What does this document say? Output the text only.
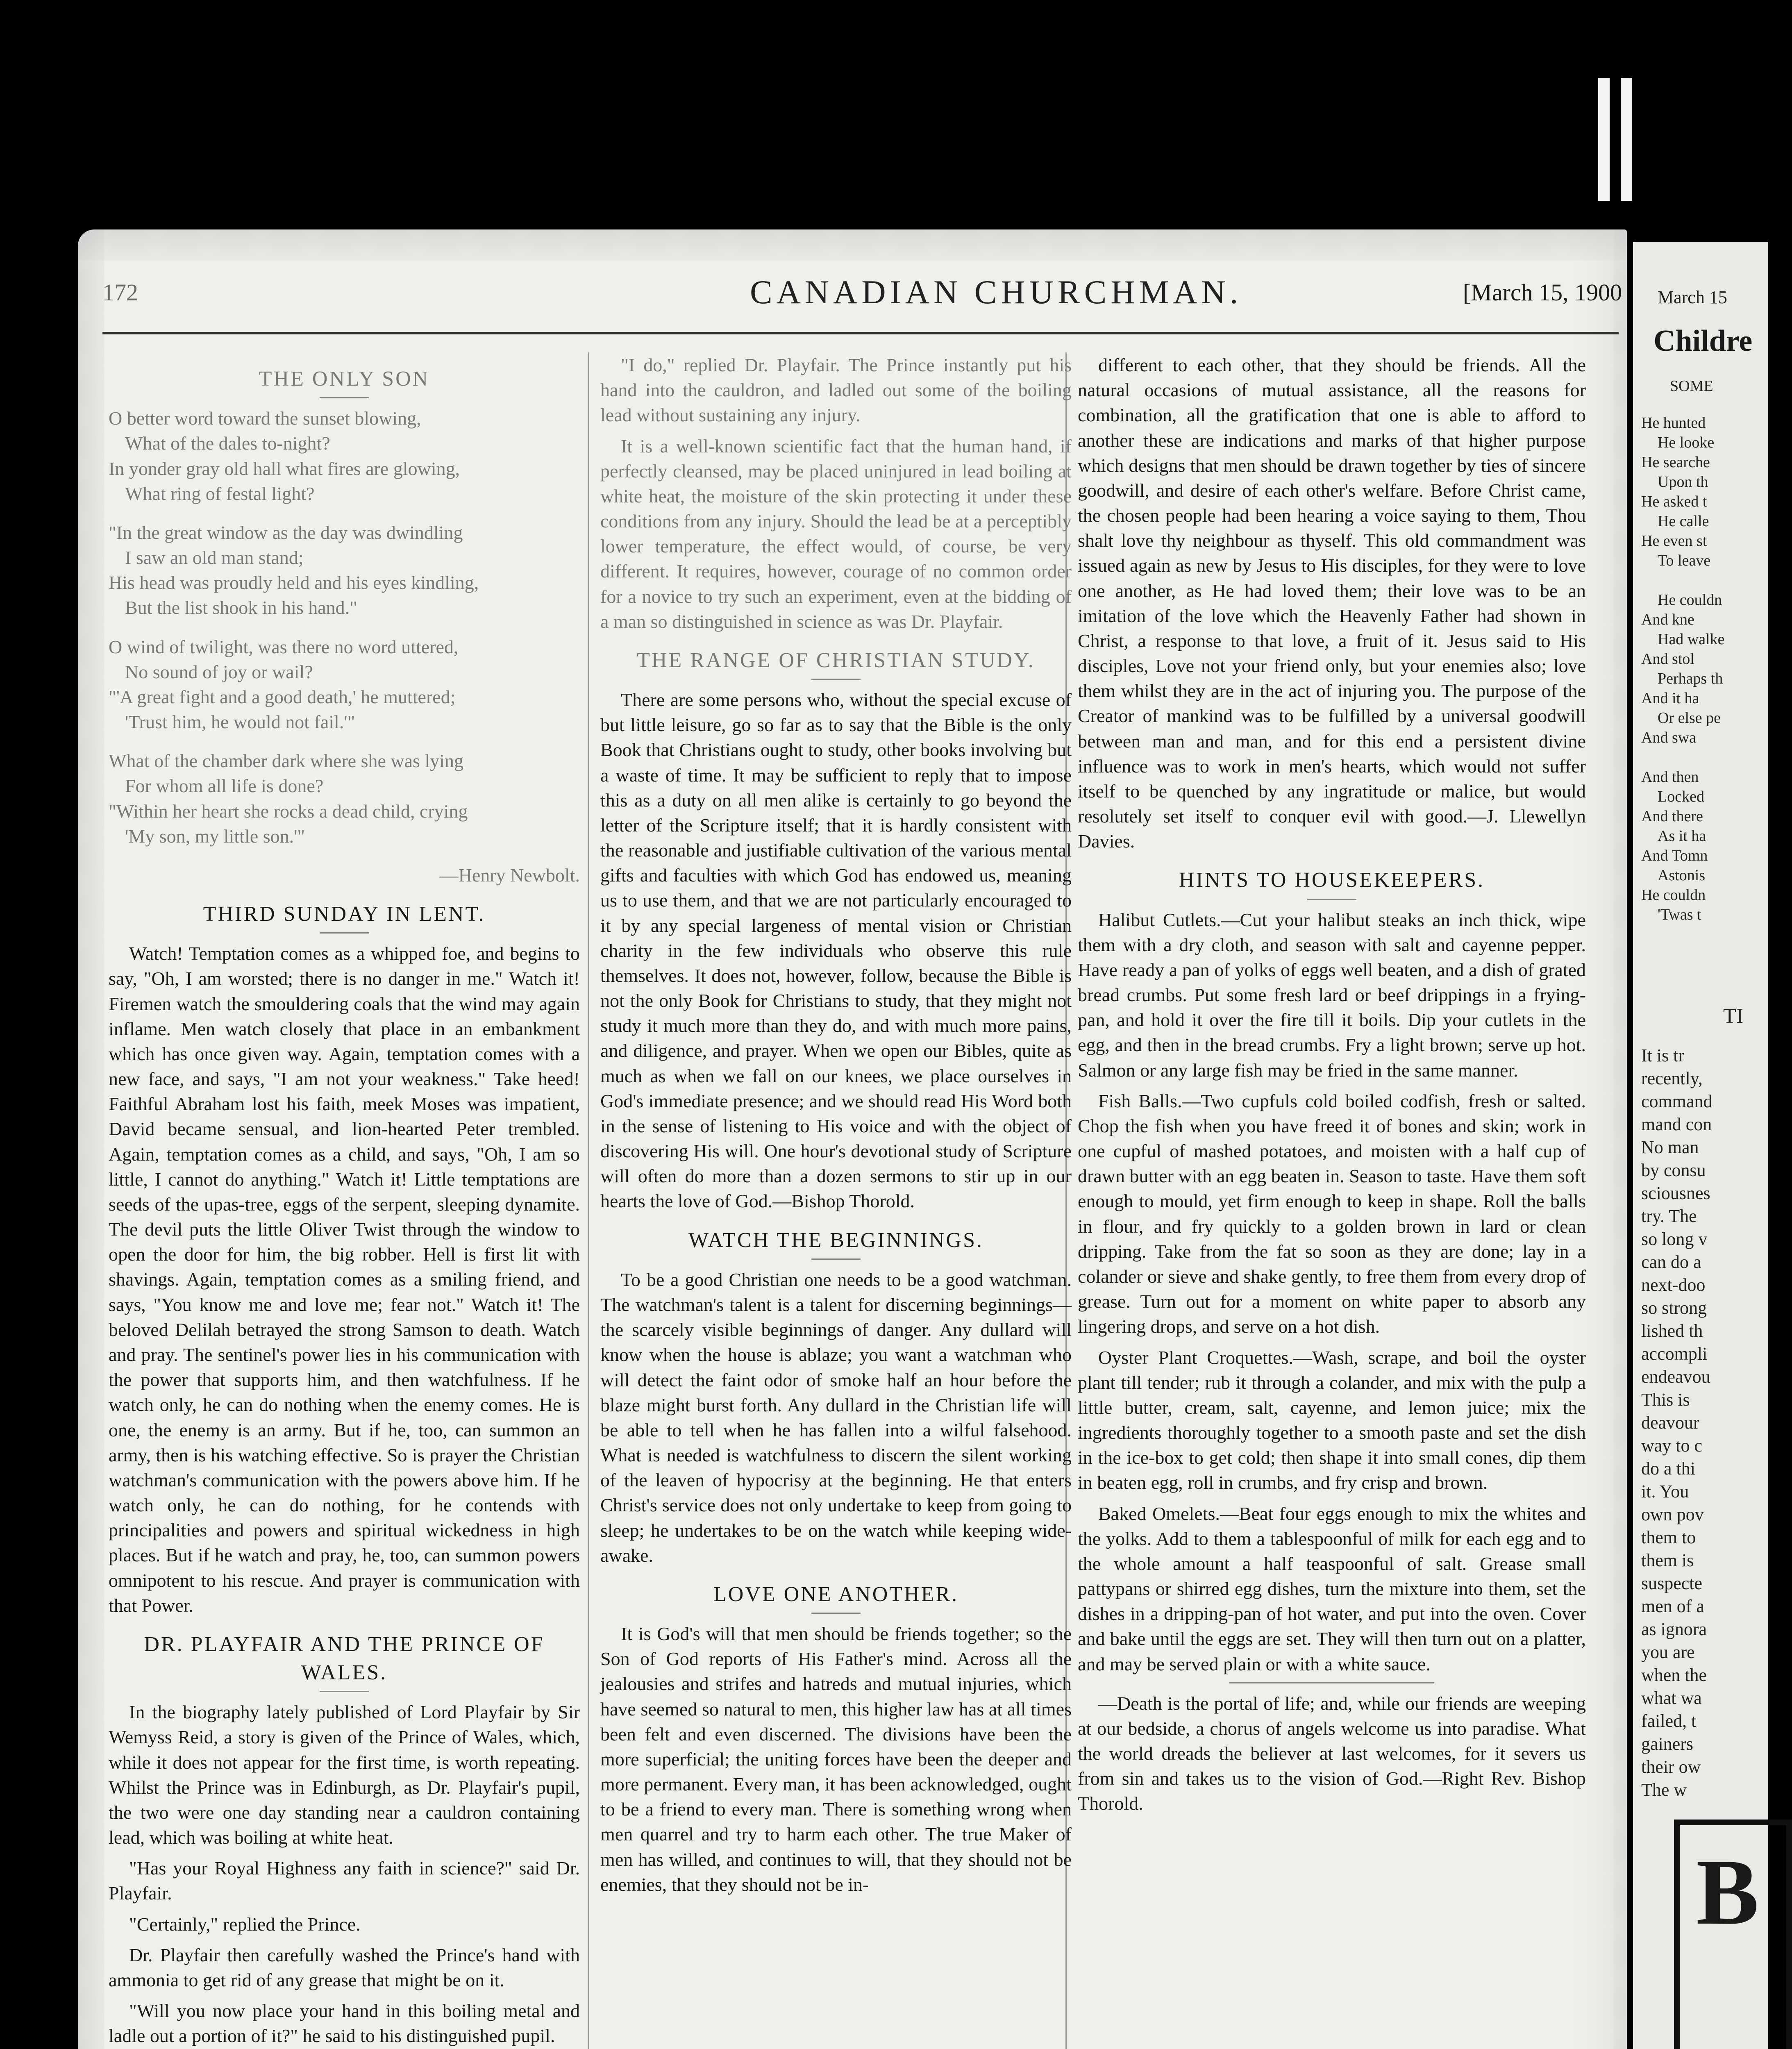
172	CANADIAN CHURCHMAN.	[March 15, 1900
THE ONLY SON
O better word toward the sunset blowing,
What of the dales to-night?
In yonder gray old hall what fires are glowing,
What ring of festal light?
"In the great window as the day was dwindling
I saw an old man stand;
His head was proudly held and his eyes kindling,
But the list shook in his hand."
O wind of twilight, was there no word uttered,
No sound of joy or wail?
"'A great fight and a good death,' he muttered;
'Trust him, he would not fail.'"
What of the chamber dark where she was lying
For whom all life is done?
"Within her heart she rocks a dead child, crying
'My son, my little son.'"
—Henry Newbolt.
THIRD SUNDAY IN LENT.

Watch! Temptation comes as a whipped foe, and begins to say, "Oh, I am worsted; there is no danger in me." Watch it! Firemen watch the smouldering coals that the wind may again inflame. Men watch closely that place in an embankment which has once given way. Again, temptation comes with a new face, and says, "I am not your weakness." Take heed! Faithful Abraham lost his faith, meek Moses was impatient, David became sensual, and lion-hearted Peter trembled. Again, temptation comes as a child, and says, "Oh, I am so little, I cannot do anything." Watch it! Little temptations are seeds of the upas-tree, eggs of the serpent, sleeping dynamite. The devil puts the little Oliver Twist through the window to open the door for him, the big robber. Hell is first lit with shavings. Again, temptation comes as a smiling friend, and says, "You know me and love me; fear not." Watch it! The beloved Delilah betrayed the strong Samson to death. Watch and pray. The sentinel's power lies in his communication with the power that supports him, and then watchfulness. If he watch only, he can do nothing when the enemy comes. He is one, the enemy is an army. But if he, too, can summon an army, then is his watching effective. So is prayer the Christian watchman's communication with the powers above him. If he watch only, he can do nothing, for he contends with principalities and powers and spiritual wickedness in high places. But if he watch and pray, he, too, can summon powers omnipotent to his rescue. And prayer is communication with that Power.

DR. PLAYFAIR AND THE PRINCE OF WALES.

In the biography lately published of Lord Playfair by Sir Wemyss Reid, a story is given of the Prince of Wales, which, while it does not appear for the first time, is worth repeating. Whilst the Prince was in Edinburgh, as Dr. Playfair's pupil, the two were one day standing near a cauldron containing lead, which was boiling at white heat.

"Has your Royal Highness any faith in science?" said Dr. Playfair.

"Certainly," replied the Prince.

Dr. Playfair then carefully washed the Prince's hand with ammonia to get rid of any grease that might be on it.

"Will you now place your hand in this boiling metal and ladle out a portion of it?" he said to his distinguished pupil.

"I do," replied Dr. Playfair. The Prince instantly put his hand into the cauldron, and ladled out some of the boiling lead without sustaining any injury.

It is a well-known scientific fact that the human hand, if perfectly cleansed, may be placed uninjured in lead boiling at white heat, the moisture of the skin protecting it under these conditions from any injury. Should the lead be at a perceptibly lower temperature, the effect would, of course, be very different. It requires, however, courage of no common order for a novice to try such an experiment, even at the bidding of a man so distinguished in science as was Dr. Playfair.

THE RANGE OF CHRISTIAN STUDY.

There are some persons who, without the special excuse of but little leisure, go so far as to say that the Bible is the only Book that Christians ought to study, other books involving but a waste of time. It may be sufficient to reply that to impose this as a duty on all men alike is certainly to go beyond the letter of the Scripture itself; that it is hardly consistent with the reasonable and justifiable cultivation of the various mental gifts and faculties with which God has endowed us, meaning us to use them, and that we are not particularly encouraged to it by any special largeness of mental vision or Christian charity in the few individuals who observe this rule themselves. It does not, however, follow, because the Bible is not the only Book for Christians to study, that they might not study it much more than they do, and with much more pains, and diligence, and prayer. When we open our Bibles, quite as much as when we fall on our knees, we place ourselves in God's immediate presence; and we should read His Word both in the sense of listening to His voice and with the object of discovering His will. One hour's devotional study of Scripture will often do more than a dozen sermons to stir up in our hearts the love of God.—Bishop Thorold.

WATCH THE BEGINNINGS.

To be a good Christian one needs to be a good watchman. The watchman's talent is a talent for discerning beginnings—the scarcely visible beginnings of danger. Any dullard will know when the house is ablaze; you want a watchman who will detect the faint odor of smoke half an hour before the blaze might burst forth. Any dullard in the Christian life will be able to tell when he has fallen into a wilful falsehood. What is needed is watchfulness to discern the silent working of the leaven of hypocrisy at the beginning. He that enters Christ's service does not only undertake to keep from going to sleep; he undertakes to be on the watch while keeping wide-awake.

LOVE ONE ANOTHER.

It is God's will that men should be friends together; so the Son of God reports of His Father's mind. Across all the jealousies and strifes and hatreds and mutual injuries, which have seemed so natural to men, this higher law has at all times been felt and even discerned. The divisions have been the more superficial; the uniting forces have been the deeper and more permanent. Every man, it has been acknowledged, ought to be a friend to every man. There is something wrong when men quarrel and try to harm each other. The true Maker of men has willed, and continues to will, that they should not be enemies, that they should not be in-

different to each other, that they should be friends. All the natural occasions of mutual assistance, all the reasons for combination, all the gratification that one is able to afford to another these are indications and marks of that higher purpose which designs that men should be drawn together by ties of sincere goodwill, and desire of each other's welfare. Before Christ came, the chosen people had been hearing a voice saying to them, Thou shalt love thy neighbour as thyself. This old commandment was issued again as new by Jesus to His disciples, for they were to love one another, as He had loved them; their love was to be an imitation of the love which the Heavenly Father had shown in Christ, a response to that love, a fruit of it. Jesus said to His disciples, Love not your friend only, but your enemies also; love them whilst they are in the act of injuring you. The purpose of the Creator of mankind was to be fulfilled by a universal goodwill between man and man, and for this end a persistent divine influence was to work in men's hearts, which would not suffer itself to be quenched by any ingratitude or malice, but would resolutely set itself to conquer evil with good.—J. Llewellyn Davies.

HINTS TO HOUSEKEEPERS.

Halibut Cutlets.—Cut your halibut steaks an inch thick, wipe them with a dry cloth, and season with salt and cayenne pepper. Have ready a pan of yolks of eggs well beaten, and a dish of grated bread crumbs. Put some fresh lard or beef drippings in a frying-pan, and hold it over the fire till it boils. Dip your cutlets in the egg, and then in the bread crumbs. Fry a light brown; serve up hot. Salmon or any large fish may be fried in the same manner.

Fish Balls.—Two cupfuls cold boiled codfish, fresh or salted. Chop the fish when you have freed it of bones and skin; work in one cupful of mashed potatoes, and moisten with a half cup of drawn butter with an egg beaten in. Season to taste. Have them soft enough to mould, yet firm enough to keep in shape. Roll the balls in flour, and fry quickly to a golden brown in lard or clean dripping. Take from the fat so soon as they are done; lay in a colander or sieve and shake gently, to free them from every drop of grease. Turn out for a moment on white paper to absorb any lingering drops, and serve on a hot dish.

Oyster Plant Croquettes.—Wash, scrape, and boil the oyster plant till tender; rub it through a colander, and mix with the pulp a little butter, cream, salt, cayenne, and lemon juice; mix the ingredients thoroughly together to a smooth paste and set the dish in the ice-box to get cold; then shape it into small cones, dip them in beaten egg, roll in crumbs, and fry crisp and brown.

Baked Omelets.—Beat four eggs enough to mix the whites and the yolks. Add to them a tablespoonful of milk for each egg and to the whole amount a half teaspoonful of salt. Grease small pattypans or shirred egg dishes, turn the mixture into them, set the dishes in a dripping-pan of hot water, and put into the oven. Cover and bake until the eggs are set. They will then turn out on a platter, and may be served plain or with a white sauce.

—Death is the portal of life; and, while our friends are weeping at our bedside, a chorus of angels welcome us into paradise. What the world dreads the believer at last welcomes, for it severs us from sin and takes us to the vision of God.—Right Rev. Bishop Thorold.

March 15
Childre
SOME
He hunted
He looke
He searche
Upon th
He asked t
He calle
He even st
To leave
He couldn
And kne
Had walke
And stol
Perhaps th
And it ha
Or else pe
And swa
And then
Locked
And there
As it ha
And Tomn
Astonis
He couldn
'Twas t
TI
It is tr
recently,
command
mand con
No man
by consu
sciousnes
try. The
so long v
can do a
next-doo
so strong
lished th
accompli
endeavou
This is
deavour
way to c
do a thi
it. You
own pov
them to
them is
suspecte
men of a
as ignora
you are
when the
what wa
failed, t
gainers
their ow
The w
B
